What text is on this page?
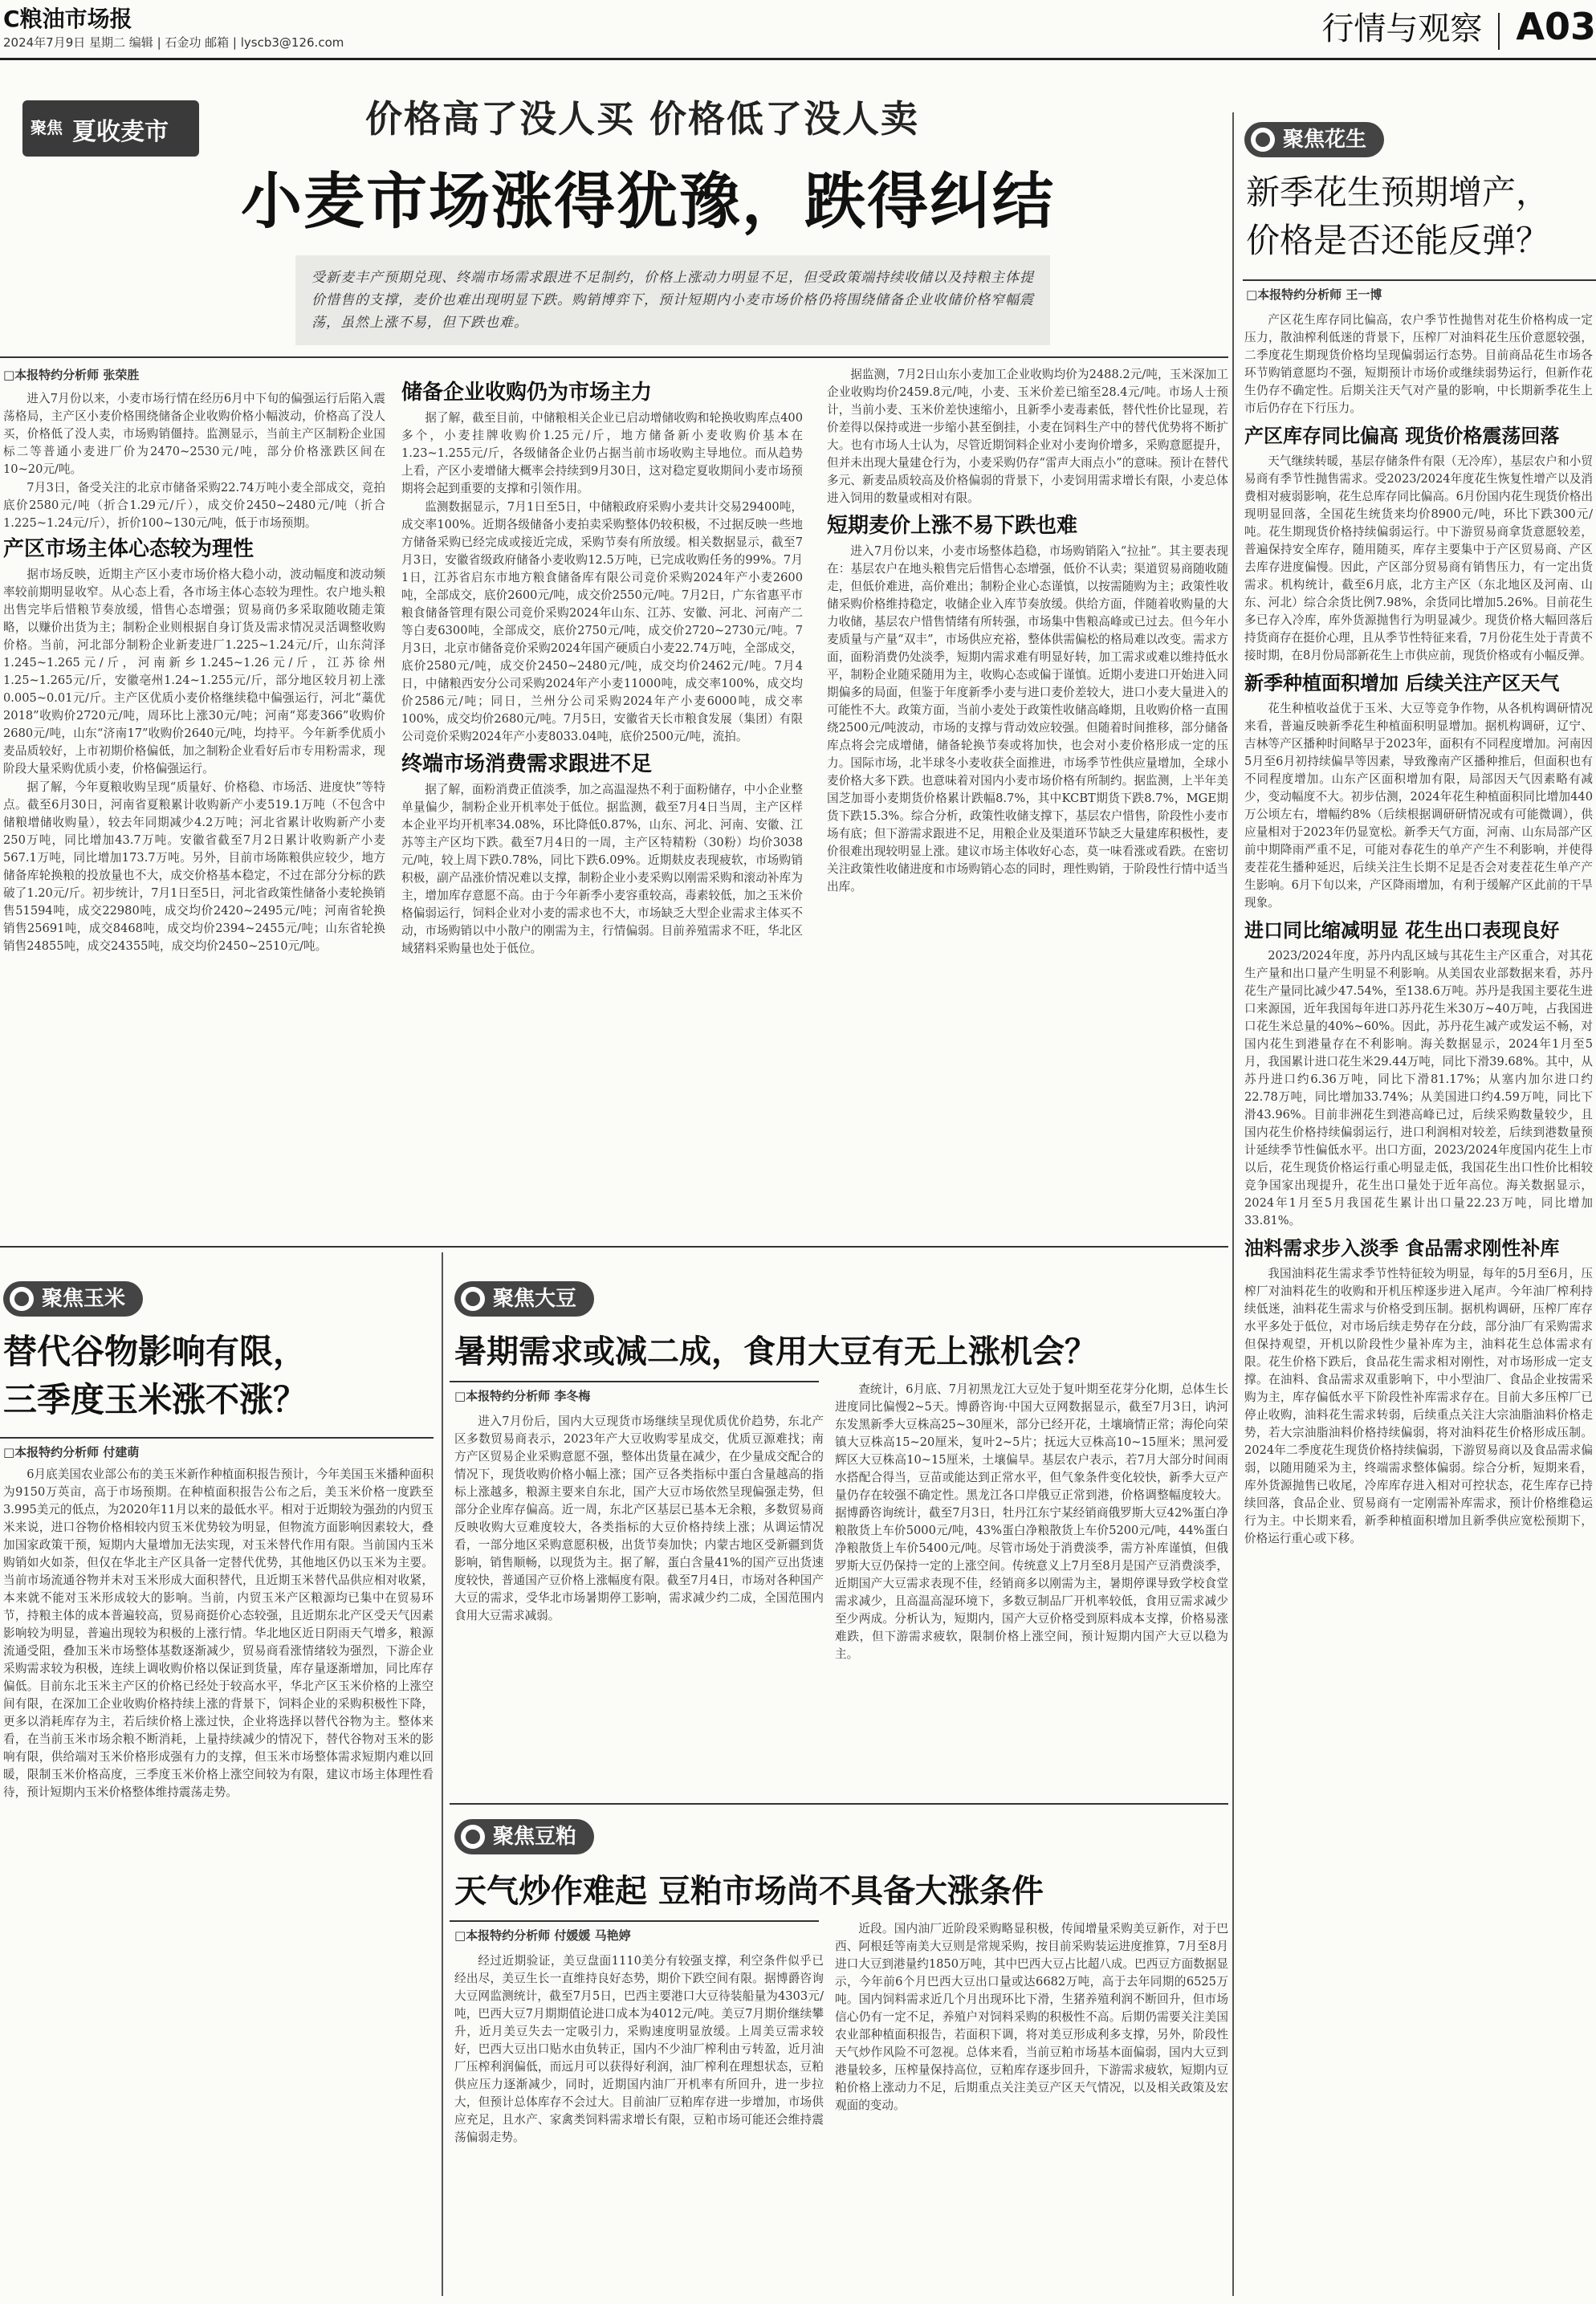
C粮油市场报
2024年7月9日 星期二 编辑 | 石金功 邮箱 | lyscb3@126.com	行情与观察 A03
聚焦 夏收麦市	价格高了没人买 价格低了没人卖
小麦市场涨得犹豫，跌得纠结
受新麦丰产预期兑现、终端市场需求跟进不足制约，价格上涨动力明显不足，但受政策端持续收储以及持粮主体提价惜售的支撑，麦价也难出现明显下跌。购销博弈下，预计短期内小麦市场价格仍将围绕储备企业收储价格窄幅震荡，虽然上涨不易，但下跌也难。
□本报特约分析师 张荣胜

进入7月份以来，小麦市场行情在经历6月中下旬的偏强运行后陷入震荡格局，主产区小麦价格围绕储备企业收购价格小幅波动，价格高了没人买，价格低了没人卖，市场购销僵持。监测显示，当前主产区制粉企业国标二等普通小麦进厂价为2470~2530元/吨，部分价格涨跌区间在10~20元/吨。

7月3日，备受关注的北京市储备采购22.74万吨小麦全部成交，竞拍底价2580元/吨（折合1.29元/斤），成交价2450~2480元/吨（折合1.225~1.24元/斤），折价100~130元/吨，低于市场预期。

产区市场主体心态较为理性

据市场反映，近期主产区小麦市场价格大稳小动，波动幅度和波动频率较前期明显收窄。从心态上看，各市场主体心态较为理性。农户地头粮出售完毕后惜粮节奏放缓，惜售心态增强；贸易商仍多采取随收随走策略，以赚价出货为主；制粉企业则根据自身订货及需求情况灵活调整收购价格。当前，河北部分制粉企业新麦进厂1.225~1.24元/斤，山东菏泽1.245~1.265元/斤，河南新乡1.245~1.26元/斤，江苏徐州1.25~1.265元/斤，安徽亳州1.24~1.255元/斤，部分地区较月初上涨0.005~0.01元/斤。主产区优质小麦价格继续稳中偏强运行，河北“藁优2018”收购价2720元/吨，周环比上涨30元/吨；河南“郑麦366”收购价2680元/吨，山东“济南17”收购价2640元/吨，均持平。今年新季优质小麦品质较好，上市初期价格偏低，加之制粉企业看好后市专用粉需求，现阶段大量采购优质小麦，价格偏强运行。

据了解，今年夏粮收购呈现“质量好、价格稳、市场活、进度快”等特点。截至6月30日，河南省夏粮累计收购新产小麦519.1万吨（不包含中储粮增储收购量），较去年同期减少4.2万吨；河北省累计收购新产小麦250万吨，同比增加43.7万吨。安徽省截至7月2日累计收购新产小麦567.1万吨，同比增加173.7万吨。另外，目前市场陈粮供应较少，地方储备库轮换粮的投放量也不大，成交价格基本稳定，不过在部分分标的跌破了1.20元/斤。初步统计，7月1日至5日，河北省政策性储备小麦轮换销售51594吨，成交22980吨，成交均价2420~2495元/吨；河南省轮换销售25691吨，成交8468吨，成交均价2394~2455元/吨；山东省轮换销售24855吨，成交24355吨，成交均价2450~2510元/吨。

储备企业收购仍为市场主力

据了解，截至目前，中储粮相关企业已启动增储收购和轮换收购库点400多个，小麦挂牌收购价1.25元/斤，地方储备新小麦收购价基本在1.23~1.255元/斤，各级储备企业仍占据当前市场收购主导地位。而从趋势上看，产区小麦增储大概率会持续到9月30日，这对稳定夏收期间小麦市场预期将会起到重要的支撑和引领作用。

监测数据显示，7月1日至5日，中储粮政府采购小麦共计交易29400吨，成交率100%。近期各级储备小麦拍卖采购整体仍较积极，不过据反映一些地方储备采购已经完成或接近完成，采购节奏有所放缓。相关数据显示，截至7月3日，安徽省级政府储备小麦收购12.5万吨，已完成收购任务的99%。7月1日，江苏省启东市地方粮食储备库有限公司竞价采购2024年产小麦2600吨，全部成交，底价2600元/吨，成交价2550元/吨。7月2日，广东省惠平市粮食储备管理有限公司竞价采购2024年山东、江苏、安徽、河北、河南产二等白麦6300吨，全部成交，底价2750元/吨，成交价2720~2730元/吨。7月3日，北京市储备竞价采购2024年国产硬质白小麦22.74万吨，全部成交，底价2580元/吨，成交价2450~2480元/吨，成交均价2462元/吨。7月4日，中储粮西安分公司采购2024年产小麦11000吨，成交率100%，成交均价2586元/吨；同日，兰州分公司采购2024年产小麦6000吨，成交率100%，成交均价2680元/吨。7月5日，安徽省天长市粮食发展（集团）有限公司竞价采购2024年产小麦8033.04吨，底价2500元/吨，流拍。

终端市场消费需求跟进不足

据了解，面粉消费正值淡季，加之高温湿热不利于面粉储存，中小企业整单量偏少，制粉企业开机率处于低位。据监测，截至7月4日当周，主产区样本企业平均开机率34.08%，环比降低0.87%，山东、河北、河南、安徽、江苏等主产区均下跌。截至7月4日的一周，主产区特精粉（30粉）均价3038元/吨，较上周下跌0.78%，同比下跌6.09%。近期麸皮表现疲软，市场购销积极，副产品涨价情况难以支撑，制粉企业小麦采购以刚需采购和滚动补库为主，增加库存意愿不高。由于今年新季小麦容重较高，毒素较低，加之玉米价格偏弱运行，饲料企业对小麦的需求也不大，市场缺乏大型企业需求主体买不动，市场购销以中小散户的刚需为主，行情偏弱。目前养殖需求不旺，华北区域猪料采购量也处于低位。

据监测，7月2日山东小麦加工企业收购均价为2488.2元/吨，玉米深加工企业收购均价2459.8元/吨，小麦、玉米价差已缩至28.4元/吨。市场人士预计，当前小麦、玉米价差快速缩小，且新季小麦毒素低，替代性价比显现，若价差得以保持或进一步缩小甚至倒挂，小麦在饲料生产中的替代优势将不断扩大。也有市场人士认为，尽管近期饲料企业对小麦询价增多，采购意愿提升，但并未出现大量建仓行为，小麦采购仍存“雷声大雨点小”的意味。预计在替代多元、新麦品质较高及价格偏弱的背景下，小麦饲用需求增长有限，小麦总体进入饲用的数量或相对有限。

短期麦价上涨不易下跌也难

进入7月份以来，小麦市场整体趋稳，市场购销陷入“拉扯”。其主要表现在：基层农户在地头粮售完后惜售心态增强，低价不认卖；渠道贸易商随收随走，但低价难进，高价难出；制粉企业心态谨慎，以按需随购为主；政策性收储采购价格维持稳定，收储企业入库节奏放缓。供给方面，伴随着收购量的大力收储，基层农户惜售情绪有所转强，市场集中售粮高峰或已过去。但今年小麦质量与产量“双丰”，市场供应充裕，整体供需偏松的格局难以改变。需求方面，面粉消费仍处淡季，短期内需求难有明显好转，加工需求或难以维持低水平，制粉企业随采随用为主，收购心态或偏于谨慎。近期小麦进口开始进入同期偏多的局面，但鉴于年度新季小麦与进口麦价差较大，进口小麦大量进入的可能性不大。政策方面，当前小麦处于政策性收储高峰期，且收购价格一直围绕2500元/吨波动，市场的支撑与背动效应较强。但随着时间推移，部分储备库点将会完成增储，储备轮换节奏或将加快，也会对小麦价格形成一定的压力。国际市场，北半球冬小麦收获全面推进，市场季节性供应量增加，全球小麦价格大多下跌。也意味着对国内小麦市场价格有所制约。据监测，上半年美国芝加哥小麦期货价格累计跌幅8.7%，其中KCBT期货下跌8.7%，MGE期货下跌15.3%。综合分析，政策性收储支撑下，基层农户惜售，阶段性小麦市场有底；但下游需求跟进不足，用粮企业及渠道环节缺乏大量建库积极性，麦价很难出现较明显上涨。建议市场主体收好心态，莫一味看涨或看跌。在密切关注政策性收储进度和市场购销心态的同时，理性购销，于阶段性行情中适当出库。

聚焦花生
新季花生预期增产，
价格是否还能反弹？
□本报特约分析师 王一博

产区花生库存同比偏高，农户季节性抛售对花生价格构成一定压力，散油榨利低迷的背景下，压榨厂对油料花生压价意愿较强，二季度花生期现货价格均呈现偏弱运行态势。目前商品花生市场各环节购销意愿均不强，短期预计市场价或继续弱势运行，但新作花生仍存不确定性。后期关注天气对产量的影响，中长期新季花生上市后仍存在下行压力。

产区库存同比偏高 现货价格震荡回落

天气继续转暖，基层存储条件有限（无冷库），基层农户和小贸易商有季节性抛售需求。受2023/2024年度花生恢复性增产以及消费相对疲弱影响，花生总库存同比偏高。6月份国内花生现货价格出现明显回落，全国花生统货来均价8900元/吨，环比下跌300元/吨。花生期现货价格持续偏弱运行。中下游贸易商拿货意愿较差，普遍保持安全库存，随用随买，库存主要集中于产区贸易商、产区去库存进度偏慢。因此，产区部分贸易商有销售压力，有一定出货需求。机构统计，截至6月底，北方主产区（东北地区及河南、山东、河北）综合余货比例7.98%，余货同比增加5.26%。目前花生多已存入冷库，库外货源抛售行为明显减少。现货价格大幅回落后持货商存在挺价心理，且从季节性特征来看，7月份花生处于青黄不接时期，在8月份局部新花生上市供应前，现货价格或有小幅反弹。

新季种植面积增加 后续关注产区天气

花生种植收益优于玉米、大豆等竞争作物，从各机构调研情况来看，普遍反映新季花生种植面积明显增加。据机构调研，辽宁、吉林等产区播种时间略早于2023年，面积有不同程度增加。河南因5月至6月初持续偏旱等因素，导致豫南产区播种推后，但面积也有不同程度增加。山东产区面积增加有限，局部因天气因素略有减少，变动幅度不大。初步估测，2024年花生种植面积同比增加440万公顷左右，增幅约8%（后续根据调研研情况或有可能微调），供应量相对于2023年仍显宽松。新季天气方面，河南、山东局部产区前中期降雨严重不足，可能对春花生的单产产生不利影响，并使得麦茬花生播种延迟，后续关注生长期不足是否会对麦茬花生单产产生影响。6月下旬以来，产区降雨增加，有利于缓解产区此前的干旱现象。

进口同比缩减明显 花生出口表现良好

2023/2024年度，苏丹内乱区域与其花生主产区重合，对其花生产量和出口量产生明显不利影响。从美国农业部数据来看，苏丹花生产量同比减少47.54%，至138.6万吨。苏丹是我国主要花生进口来源国，近年我国每年进口苏丹花生米30万~40万吨，占我国进口花生米总量的40%~60%。因此，苏丹花生减产或发运不畅，对国内花生到港量存在不利影响。海关数据显示，2024年1月至5月，我国累计进口花生米29.44万吨，同比下滑39.68%。其中，从苏丹进口约6.36万吨，同比下滑81.17%；从塞内加尔进口约22.78万吨，同比增加33.74%；从美国进口约4.59万吨，同比下滑43.96%。目前非洲花生到港高峰已过，后续采购数量较少，且国内花生价格持续偏弱运行，进口利润相对较差，后续到港数量预计延续季节性偏低水平。出口方面，2023/2024年度国内花生上市以后，花生现货价格运行重心明显走低，我国花生出口性价比相较竞争国家出现提升，花生出口量处于近年高位。海关数据显示，2024年1月至5月我国花生累计出口量22.23万吨，同比增加33.81%。

油料需求步入淡季 食品需求刚性补库

我国油料花生需求季节性特征较为明显，每年的5月至6月，压榨厂对油料花生的收购和开机压榨逐步进入尾声。今年油厂榨利持续低迷，油料花生需求与价格受到压制。据机构调研，压榨厂库存水平多处于低位，对市场后续走势存在分歧，部分油厂有采购需求但保持观望，开机以阶段性少量补库为主，油料花生总体需求有限。花生价格下跌后，食品花生需求相对刚性，对市场形成一定支撑。在油料、食品需求双重影响下，中小型油厂、食品企业按需采购为主，库存偏低水平下阶段性补库需求存在。目前大多压榨厂已停止收购，油料花生需求转弱，后续重点关注大宗油脂油料价格走势，若大宗油脂油料价格持续偏弱，将对油料花生价格形成压制。2024年二季度花生现货价格持续偏弱，下游贸易商以及食品需求偏弱，以随用随采为主，终端需求整体偏弱。综合分析，短期来看，库外货源抛售已收尾，冷库库存进入相对可控状态，花生库存已持续回落，食品企业、贸易商有一定刚需补库需求，预计价格维稳运行为主。中长期来看，新季种植面积增加且新季供应宽松预期下，价格运行重心或下移。

聚焦玉米
替代谷物影响有限，
三季度玉米涨不涨？
□本报特约分析师 付建萌

6月底美国农业部公布的美玉米新作种植面积报告预计，今年美国玉米播种面积为9150万英亩，高于市场预期。在种植面积报告公布之后，美玉米价格一度跌至3.995美元的低点，为2020年11月以来的最低水平。相对于近期较为强劲的内贸玉米来说，进口谷物价格相较内贸玉米优势较为明显，但物流方面影响因素较大，叠加国家政策干预，短期内大量增加无法实现，对玉米替代作用有限。当前国内玉米购销如火如荼，但仅在华北主产区具备一定替代优势，其他地区仍以玉米为主要。当前市场流通谷物并未对玉米形成大面积替代，且近期玉米替代品供应相对收紧，本来就不能对玉米形成较大的影响。当前，内贸玉米产区粮源均已集中在贸易环节，持粮主体的成本普遍较高，贸易商挺价心态较强，且近期东北产区受天气因素影响较为明显，普遍出现较为积极的上涨行情。华北地区近日阴雨天气增多，粮源流通受阻，叠加玉米市场整体基数逐渐减少，贸易商看涨情绪较为强烈，下游企业采购需求较为积极，连续上调收购价格以保证到货量，库存量逐渐增加，同比库存偏低。目前东北玉米主产区的价格已经处于较高水平，华北产区玉米价格的上涨空间有限，在深加工企业收购价格持续上涨的背景下，饲料企业的采购积极性下降，更多以消耗库存为主，若后续价格上涨过快，企业将选择以替代谷物为主。整体来看，在当前玉米市场余粮不断消耗，上量持续减少的情况下，替代谷物对玉米的影响有限，供给端对玉米价格形成强有力的支撑，但玉米市场整体需求短期内难以回暖，限制玉米价格高度，三季度玉米价格上涨空间较为有限，建议市场主体理性看待，预计短期内玉米价格整体维持震荡走势。

聚焦大豆
暑期需求或减二成，食用大豆有无上涨机会？
□本报特约分析师 李冬梅

进入7月份后，国内大豆现货市场继续呈现优质优价趋势，东北产区多数贸易商表示，2023年产大豆收购零星成交，优质豆源难找；南方产区贸易企业采购意愿不强，整体出货量在减少，在少量成交配合的情况下，现货收购价格小幅上涨；国产豆各类指标中蛋白含量越高的指标上涨越多，粮源主要来自东北，国产大豆市场依然呈现偏强走势，但部分企业库存偏高。近一周，东北产区基层已基本无余粮，多数贸易商反映收购大豆难度较大，各类指标的大豆价格持续上涨；从调运情况看，一部分地区采购意愿积极，出货节奏加快；内蒙古地区受新疆到货影响，销售顺畅，以现货为主。据了解，蛋白含量41%的国产豆出货速度较快，普通国产豆价格上涨幅度有限。截至7月4日，市场对各种国产大豆的需求，受华北市场暑期停工影响，需求减少约二成，全国范围内食用大豆需求减弱。

查统计，6月底、7月初黑龙江大豆处于复叶期至花芽分化期，总体生长进度同比偏慢2~5天。博爵咨询·中国大豆网数据显示，截至7月3日，讷河东发黑新季大豆株高25~30厘米，部分已经开花，土壤墒情正常；海伦向荣镇大豆株高15~20厘米，复叶2~5片；抚远大豆株高10~15厘米；黑河爱辉区大豆株高10~15厘米，土壤偏旱。基层农户表示，若7月大部分时间雨水搭配合得当，豆苗或能达到正常水平，但气象条件变化较快，新季大豆产量仍存在较强不确定性。黑龙江各口岸俄豆正常到港，价格调整幅度较大。据博爵咨询统计，截至7月3日，牡丹江东宁某经销商俄罗斯大豆42%蛋白净粮散货上车价5000元/吨，43%蛋白净粮散货上车价5200元/吨，44%蛋白净粮散货上车价5400元/吨。尽管市场处于消费淡季，需方补库谨慎，但俄罗斯大豆仍保持一定的上涨空间。传统意义上7月至8月是国产豆消费淡季，近期国产大豆需求表现不佳，经销商多以刚需为主，暑期停课导致学校食堂需求减少，且高温高湿环境下，多数豆制品厂开机率较低，食用豆需求减少至少两成。分析认为，短期内，国产大豆价格受到原料成本支撑，价格易涨难跌，但下游需求疲软，限制价格上涨空间，预计短期内国产大豆以稳为主。

聚焦豆粕
天气炒作难起 豆粕市场尚不具备大涨条件
□本报特约分析师 付媛媛 马艳婷

经过近期验证，美豆盘面1110美分有较强支撑，利空条件似乎已经出尽，美豆生长一直维持良好态势，期价下跌空间有限。据博爵咨询大豆网监测统计，截至7月5日，巴西主要港口大豆待装船量为4303元/吨，巴西大豆7月期期值论进口成本为4012元/吨。美豆7月期价继续攀升，近月美豆失去一定吸引力，采购速度明显放缓。上周美豆需求较好，巴西大豆出口贴水由负转正，国内不少油厂榨利由亏转盈，近月油厂压榨利润偏低，而远月可以获得好利润，油厂榨利在理想状态，豆粕供应压力逐渐减少，同时，近期国内油厂开机率有所回升，进一步拉大，但预计总体库存不会过大。目前油厂豆粕库存进一步增加，市场供应充足，且水产、家禽类饲料需求增长有限，豆粕市场可能还会维持震荡偏弱走势。

近段。国内油厂近阶段采购略显积极，传闻增量采购美豆新作，对于巴西、阿根廷等南美大豆则是常规采购，按目前采购装运进度推算，7月至8月进口大豆到港量约1850万吨，其中巴西大豆占比超八成。巴西豆方面数据显示，今年前6个月巴西大豆出口量或达6682万吨，高于去年同期的6525万吨。国内饲料需求近几个月出现环比下滑，生猪养殖利润不断回升，但市场信心仍有一定不足，养殖户对饲料采购的积极性不高。后期仍需要关注美国农业部种植面积报告，若面积下调，将对美豆形成利多支撑，另外，阶段性天气炒作风险不可忽视。总体来看，当前豆粕市场基本面偏弱，国内大豆到港量较多，压榨量保持高位，豆粕库存逐步回升，下游需求疲软，短期内豆粕价格上涨动力不足，后期重点关注美豆产区天气情况，以及相关政策及宏观面的变动。
